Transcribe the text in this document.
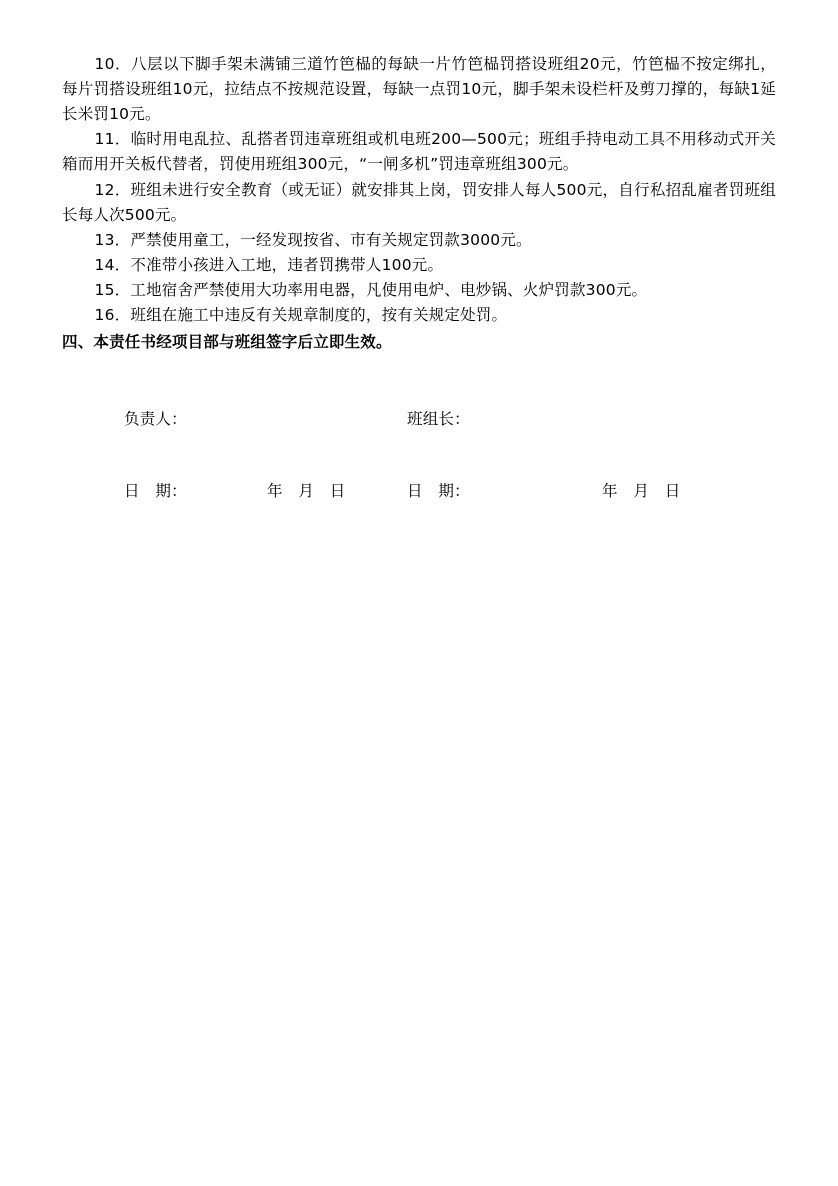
10．八层以下脚手架未满铺三道竹笆榀的每缺一片竹笆榀罚搭设班组20元，竹笆榀不按定绑扎，每片罚搭设班组10元，拉结点不按规范设置，每缺一点罚10元，脚手架未设栏杆及剪刀撑的，每缺1延长米罚10元。

11．临时用电乱拉、乱搭者罚违章班组或机电班200—500元；班组手持电动工具不用移动式开关箱而用开关板代替者，罚使用班组300元，“一闸多机”罚违章班组300元。

12．班组未进行安全教育（或无证）就安排其上岗，罚安排人每人500元，自行私招乱雇者罚班组长每人次500元。

13．严禁使用童工，一经发现按省、市有关规定罚款3000元。

14．不准带小孩进入工地，违者罚携带人100元。

15．工地宿舍严禁使用大功率用电器，凡使用电炉、电炒锅、火炉罚款300元。

16．班组在施工中违反有关规章制度的，按有关规定处罚。

四、本责任书经项目部与班组签字后立即生效。

负责人：	班组长：
日　期：	年　月　日	日　期：	年　月　日
